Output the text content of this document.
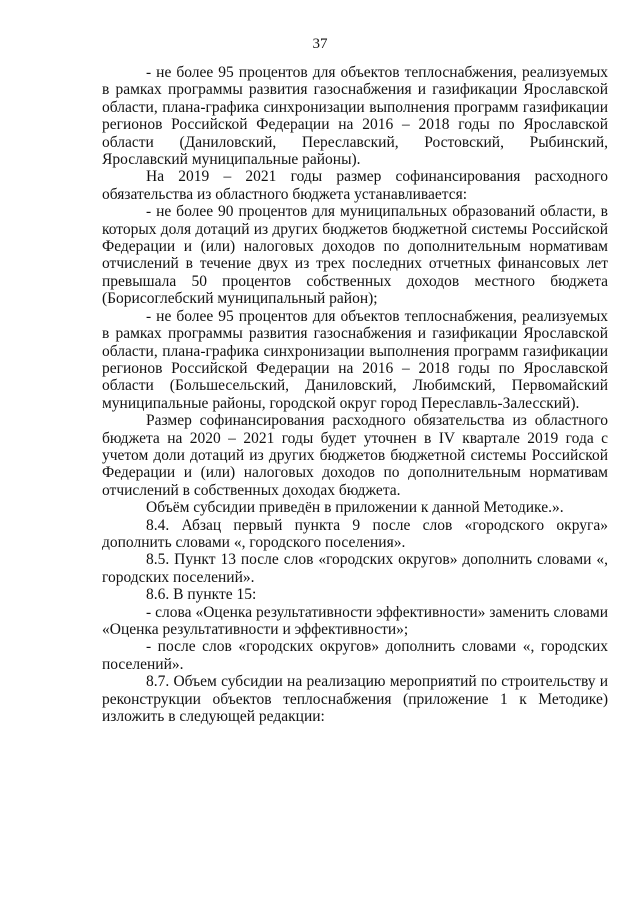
37

- не более 95 процентов для объектов теплоснабжения, реализуемых в рамках программы развития газоснабжения и газификации Ярославской области, плана-графика синхронизации выполнения программ газификации регионов Российской Федерации на 2016 – 2018 годы по Ярославской области (Даниловский, Переславский, Ростовский, Рыбинский, Ярославский муниципальные районы).

На 2019 – 2021 годы размер софинансирования расходного обязательства из областного бюджета устанавливается:

- не более 90 процентов для муниципальных образований области, в которых доля дотаций из других бюджетов бюджетной системы Российской Федерации и (или) налоговых доходов по дополнительным нормативам отчислений в течение двух из трех последних отчетных финансовых лет превышала 50 процентов собственных доходов местного бюджета (Борисоглебский муниципальный район);

- не более 95 процентов для объектов теплоснабжения, реализуемых в рамках программы развития газоснабжения и газификации Ярославской области, плана-графика синхронизации выполнения программ газификации регионов Российской Федерации на 2016 – 2018 годы по Ярославской области (Большесельский, Даниловский, Любимский, Первомайский муниципальные районы, городской округ город Переславль-Залесский).

Размер софинансирования расходного обязательства из областного бюджета на 2020 – 2021 годы будет уточнен в IV квартале 2019 года с учетом доли дотаций из других бюджетов бюджетной системы Российской Федерации и (или) налоговых доходов по дополнительным нормативам отчислений в собственных доходах бюджета.

Объём субсидии приведён в приложении к данной Методике.».

8.4. Абзац первый пункта 9 после слов «городского округа» дополнить словами «, городского поселения».

8.5. Пункт 13 после слов «городских округов» дополнить словами «, городских поселений».

8.6. В пункте 15:

- слова «Оценка результативности эффективности» заменить словами «Оценка результативности и эффективности»;

- после слов «городских округов» дополнить словами «, городских поселений».

8.7. Объем субсидии на реализацию мероприятий по строительству и реконструкции объектов теплоснабжения (приложение 1 к Методике) изложить в следующей редакции:
